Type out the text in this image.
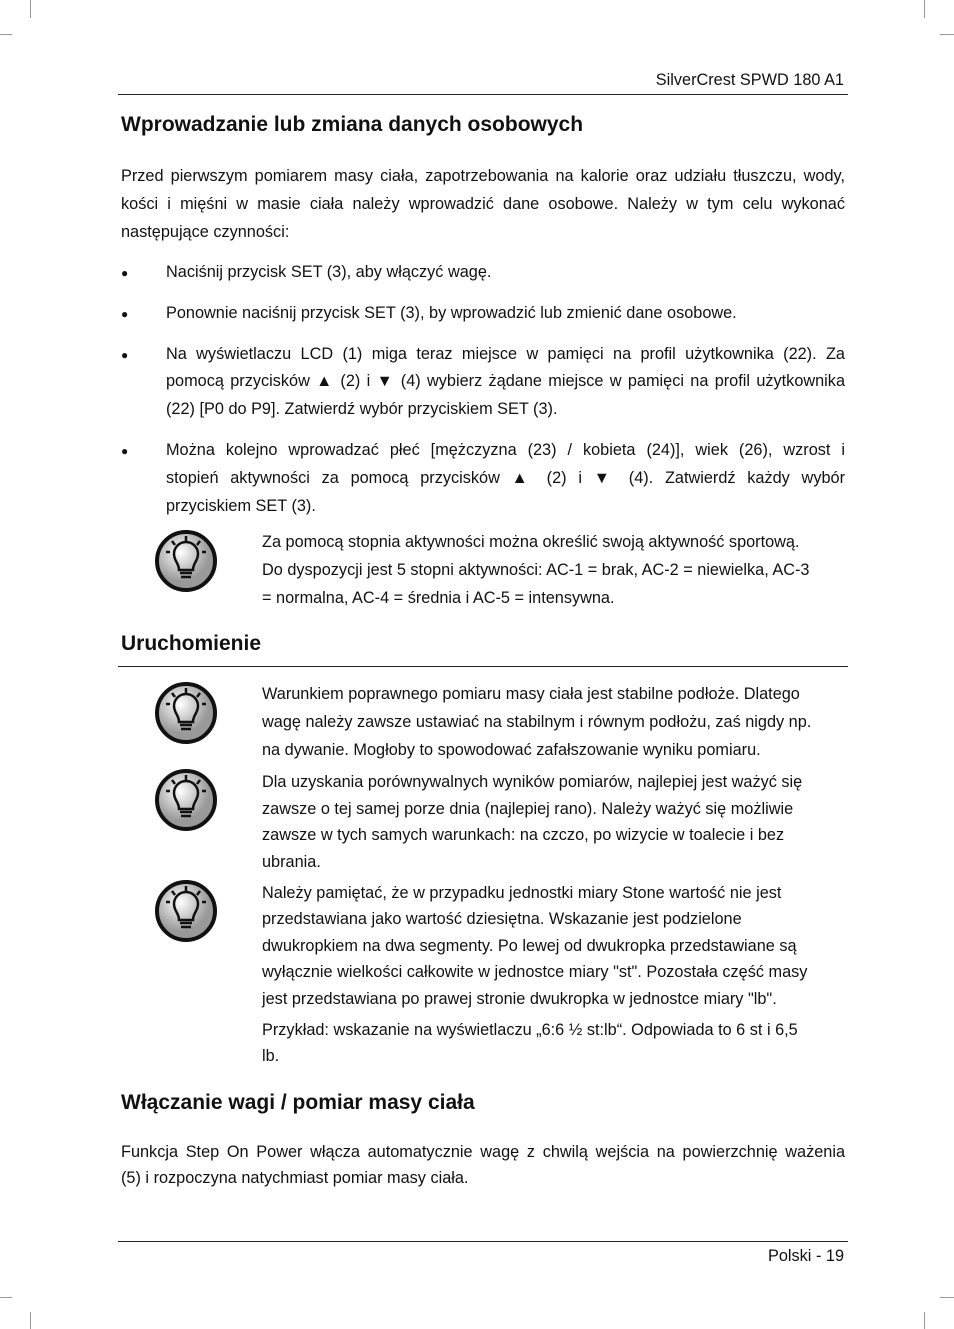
SilverCrest SPWD 180 A1
Wprowadzanie lub zmiana danych osobowych
Przed pierwszym pomiarem masy ciała, zapotrzebowania na kalorie oraz udziału tłuszczu, wody,
kości i mięśni w masie ciała należy wprowadzić dane osobowe. Należy w tym celu wykonać
następujące czynności:
● Naciśnij przycisk SET (3), aby włączyć wagę.
● Ponownie naciśnij przycisk SET (3), by wprowadzić lub zmienić dane osobowe.
● Na wyświetlaczu LCD (1) miga teraz miejsce w pamięci na profil użytkownika (22). Za
pomocą przycisków ▲ (2) i ▼ (4) wybierz żądane miejsce w pamięci na profil użytkownika
(22) [P0 do P9]. Zatwierdź wybór przyciskiem SET (3).
● Można kolejno wprowadzać płeć [mężczyzna (23) / kobieta (24)], wiek (26), wzrost i
stopień aktywności za pomocą przycisków ▲ (2) i ▼ (4). Zatwierdź każdy wybór
przyciskiem SET (3).
Za pomocą stopnia aktywności można określić swoją aktywność sportową.
Do dyspozycji jest 5 stopni aktywności: AC-1 = brak, AC-2 = niewielka, AC-3
= normalna, AC-4 = średnia i AC-5 = intensywna.
Uruchomienie
Warunkiem poprawnego pomiaru masy ciała jest stabilne podłoże. Dlatego
wagę należy zawsze ustawiać na stabilnym i równym podłożu, zaś nigdy np.
na dywanie. Mogłoby to spowodować zafałszowanie wyniku pomiaru.
Dla uzyskania porównywalnych wyników pomiarów, najlepiej jest ważyć się
zawsze o tej samej porze dnia (najlepiej rano). Należy ważyć się możliwie
zawsze w tych samych warunkach: na czczo, po wizycie w toalecie i bez
ubrania.
Należy pamiętać, że w przypadku jednostki miary Stone wartość nie jest
przedstawiana jako wartość dziesiętna. Wskazanie jest podzielone
dwukropkiem na dwa segmenty. Po lewej od dwukropka przedstawiane są
wyłącznie wielkości całkowite w jednostce miary "st". Pozostała część masy
jest przedstawiana po prawej stronie dwukropka w jednostce miary "lb".
Przykład: wskazanie na wyświetlaczu „6:6 ½ st:lb“. Odpowiada to 6 st i 6,5
lb.
Włączanie wagi / pomiar masy ciała
Funkcja Step On Power włącza automatycznie wagę z chwilą wejścia na powierzchnię ważenia
(5) i rozpoczyna natychmiast pomiar masy ciała.
Polski - 19
